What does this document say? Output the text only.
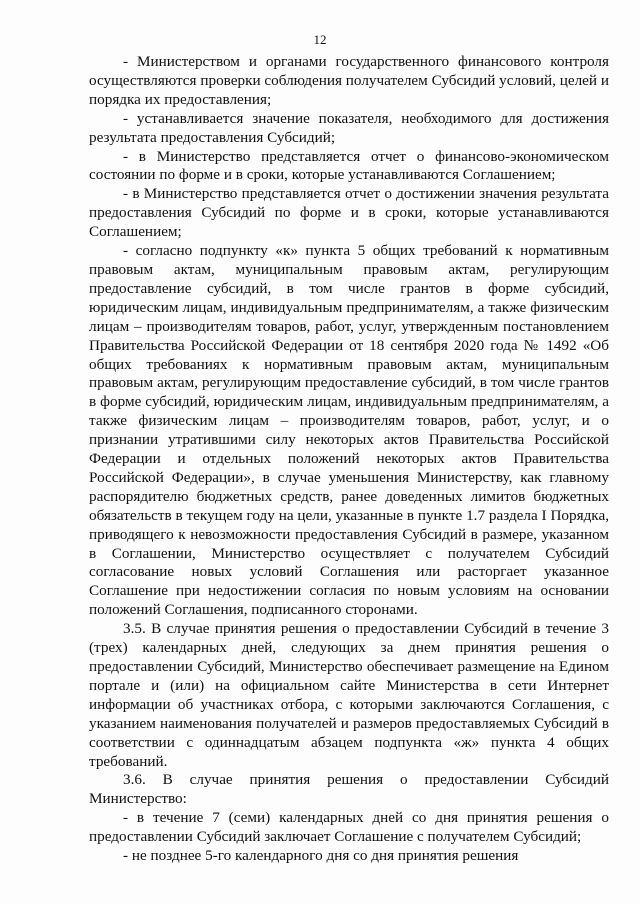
12

- Министерством и органами государственного финансового контроля осуществляются проверки соблюдения получателем Субсидий условий, целей и порядка их предоставления;

- устанавливается значение показателя, необходимого для достижения результата предоставления Субсидий;

- в Министерство представляется отчет о финансово-экономическом состоянии по форме и в сроки, которые устанавливаются Соглашением;

- в Министерство представляется отчет о достижении значения результата предоставления Субсидий по форме и в сроки, которые устанавливаются Соглашением;

- согласно подпункту «к» пункта 5 общих требований к нормативным правовым актам, муниципальным правовым актам, регулирующим предоставление субсидий, в том числе грантов в форме субсидий, юридическим лицам, индивидуальным предпринимателям, а также физическим лицам – производителям товаров, работ, услуг, утвержденным постановлением Правительства Российской Федерации от 18 сентября 2020 года № 1492 «Об общих требованиях к нормативным правовым актам, муниципальным правовым актам, регулирующим предоставление субсидий, в том числе грантов в форме субсидий, юридическим лицам, индивидуальным предпринимателям, а также физическим лицам – производителям товаров, работ, услуг, и о признании утратившими силу некоторых актов Правительства Российской Федерации и отдельных положений некоторых актов Правительства Российской Федерации», в случае уменьшения Министерству, как главному распорядителю бюджетных средств, ранее доведенных лимитов бюджетных обязательств в текущем году на цели, указанные в пункте 1.7 раздела I Порядка, приводящего к невозможности предоставления Субсидий в размере, указанном в Соглашении, Министерство осуществляет с получателем Субсидий согласование новых условий Соглашения или расторгает указанное Соглашение при недостижении согласия по новым условиям на основании положений Соглашения, подписанного сторонами.

3.5. В случае принятия решения о предоставлении Субсидий в течение 3 (трех) календарных дней, следующих за днем принятия решения о предоставлении Субсидий, Министерство обеспечивает размещение на Едином портале и (или) на официальном сайте Министерства в сети Интернет информации об участниках отбора, с которыми заключаются Соглашения, с указанием наименования получателей и размеров предоставляемых Субсидий в соответствии с одиннадцатым абзацем подпункта «ж» пункта 4 общих требований.

3.6. В случае принятия решения о предоставлении Субсидий Министерство:

- в течение 7 (семи) календарных дней со дня принятия решения о предоставлении Субсидий заключает Соглашение с получателем Субсидий;

- не позднее 5-го календарного дня со дня принятия решения
